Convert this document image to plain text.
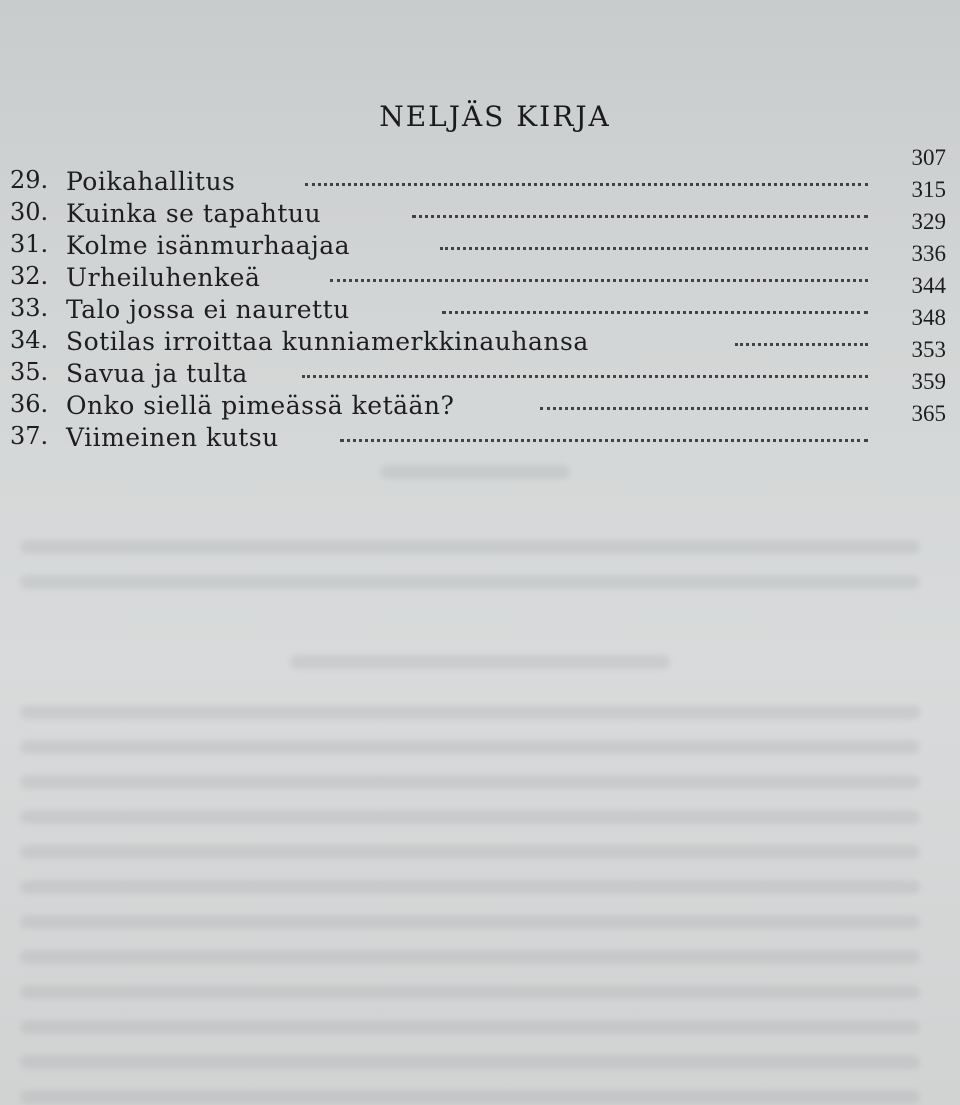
NELJÄS KIRJA
29. Poikahallitus
307
30. Kuinka se tapahtuu
315
31. Kolme isänmurhaajaa
329
32. Urheiluhenkeä
336
33. Talo jossa ei naurettu
344
34. Sotilas irroittaa kunniamerkkinauhansa
348
35. Savua ja tulta
353
36. Onko siellä pimeässä ketään?
359
37. Viimeinen kutsu
365
